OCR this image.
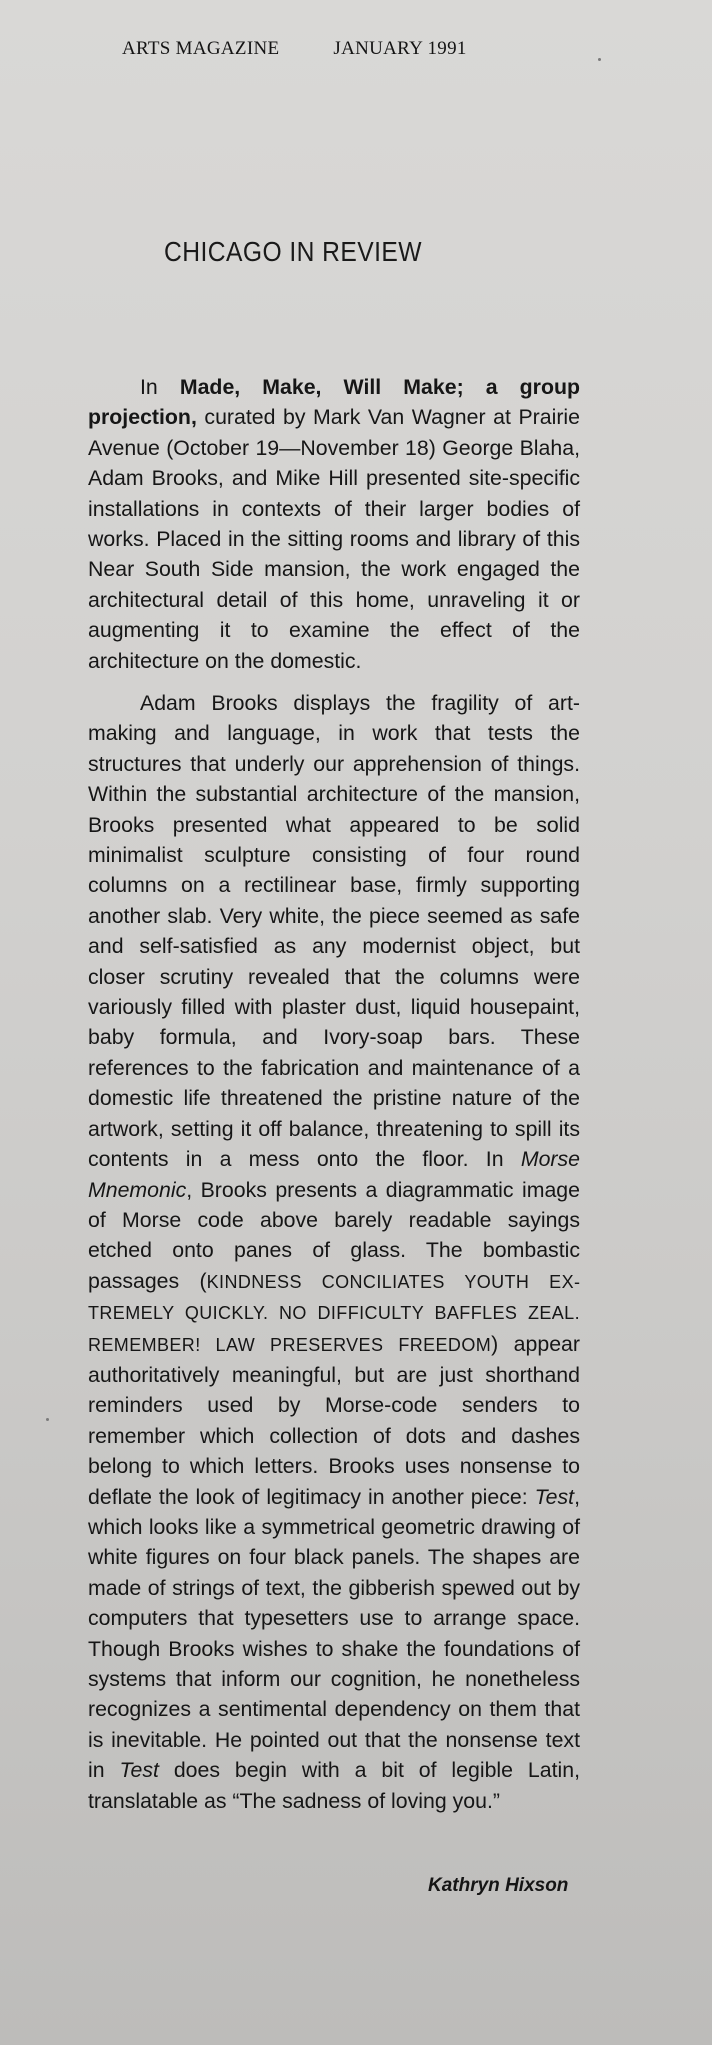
ARTS MAGAZINE	JANUARY 1991
CHICAGO IN REVIEW

In Made, Make, Will Make; a group projection, curated by Mark Van Wagner at Prairie Avenue (October 19—November 18) George Blaha, Adam Brooks, and Mike Hill presented site-specific installations in contexts of their larger bodies of works. Placed in the sitting rooms and library of this Near South Side mansion, the work engaged the architectural detail of this home, unraveling it or augmenting it to examine the effect of the architecture on the domestic.

Adam Brooks displays the fragility of artmaking and language, in work that tests the structures that underly our apprehension of things. Within the substantial architecture of the mansion, Brooks presented what appeared to be solid minimalist sculpture consisting of four round columns on a rectilinear base, firmly supporting another slab. Very white, the piece seemed as safe and self-satisfied as any modernist object, but closer scrutiny revealed that the columns were variously filled with plaster dust, liquid housepaint, baby formula, and Ivory-soap bars. These references to the fabrication and maintenance of a domestic life threatened the pristine nature of the artwork, setting it off balance, threatening to spill its contents in a mess onto the floor. In Morse Mnemonic, Brooks presents a diagrammatic image of Morse code above barely readable sayings etched onto panes of glass. The bombastic passages (KINDNESS CONCILIATES YOUTH EXTREMELY QUICKLY. NO DIFFICULTY BAFFLES ZEAL. REMEMBER! LAW PRESERVES FREEDOM) appear authoritatively meaningful, but are just shorthand reminders used by Morse-code senders to remember which collection of dots and dashes belong to which letters. Brooks uses nonsense to deflate the look of legitimacy in another piece: Test, which looks like a symmetrical geometric drawing of white figures on four black panels. The shapes are made of strings of text, the gibberish spewed out by computers that typesetters use to arrange space. Though Brooks wishes to shake the foundations of systems that inform our cognition, he nonetheless recognizes a sentimental dependency on them that is inevitable. He pointed out that the nonsense text in Test does begin with a bit of legible Latin, translatable as “The sadness of loving you.”

Kathryn Hixson
